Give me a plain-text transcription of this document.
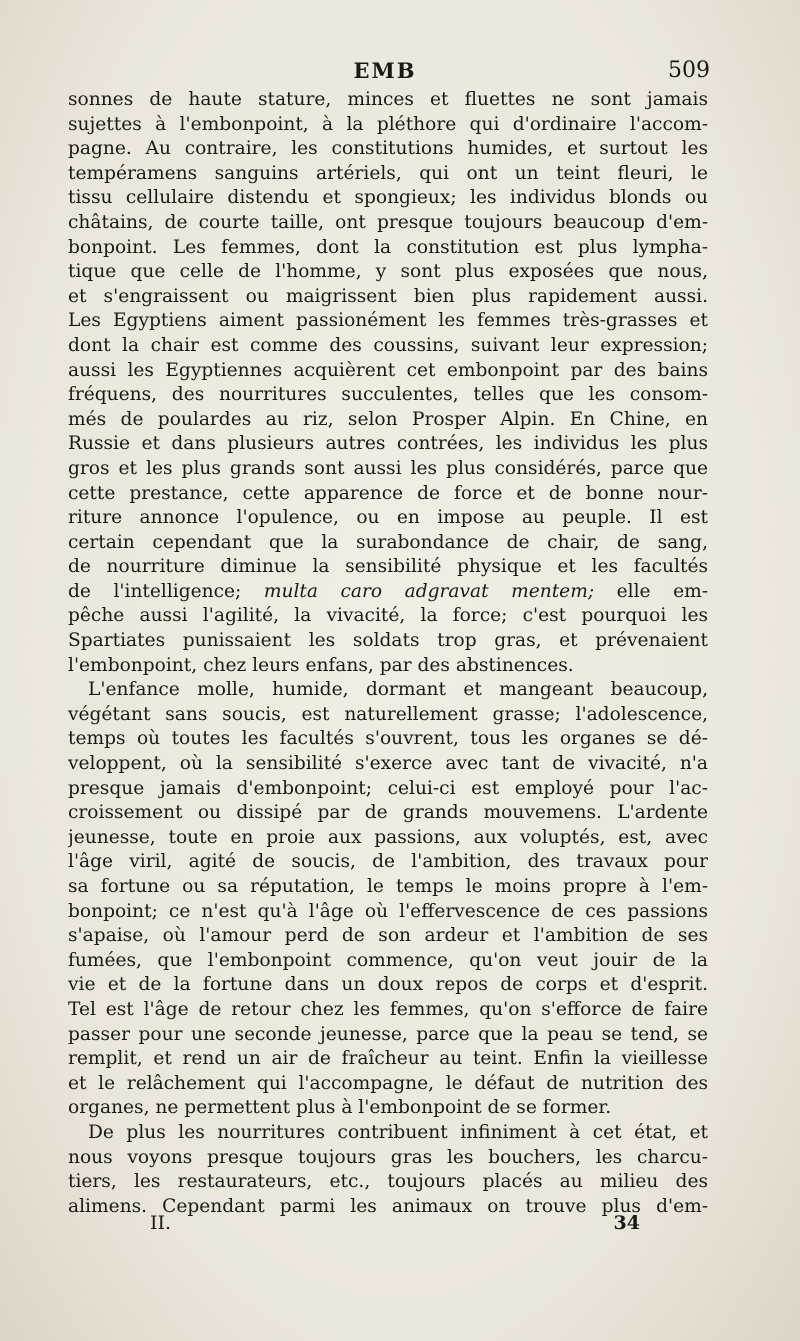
EMB	509
sonnes de haute stature, minces et fluettes ne sont jamais
sujettes à l'embonpoint, à la pléthore qui d'ordinaire l'accom-
pagne. Au contraire, les constitutions humides, et surtout les
tempéramens sanguins artériels, qui ont un teint fleuri, le
tissu cellulaire distendu et spongieux; les individus blonds ou
châtains, de courte taille, ont presque toujours beaucoup d'em-
bonpoint. Les femmes, dont la constitution est plus lympha-
tique que celle de l'homme, y sont plus exposées que nous,
et s'engraissent ou maigrissent bien plus rapidement aussi.
Les Egyptiens aiment passionément les femmes très-grasses et
dont la chair est comme des coussins, suivant leur expression;
aussi les Egyptiennes acquièrent cet embonpoint par des bains
fréquens, des nourritures succulentes, telles que les consom-
més de poulardes au riz, selon Prosper Alpin. En Chine, en
Russie et dans plusieurs autres contrées, les individus les plus
gros et les plus grands sont aussi les plus considérés, parce que
cette prestance, cette apparence de force et de bonne nour-
riture annonce l'opulence, ou en impose au peuple. Il est
certain cependant que la surabondance de chair, de sang,
de nourriture diminue la sensibilité physique et les facultés
de l'intelligence; multa caro adgravat mentem; elle em-
pêche aussi l'agilité, la vivacité, la force; c'est pourquoi les
Spartiates punissaient les soldats trop gras, et prévenaient
l'embonpoint, chez leurs enfans, par des abstinences.
L'enfance molle, humide, dormant et mangeant beaucoup,
végétant sans soucis, est naturellement grasse; l'adolescence,
temps où toutes les facultés s'ouvrent, tous les organes se dé-
veloppent, où la sensibilité s'exerce avec tant de vivacité, n'a
presque jamais d'embonpoint; celui-ci est employé pour l'ac-
croissement ou dissipé par de grands mouvemens. L'ardente
jeunesse, toute en proie aux passions, aux voluptés, est, avec
l'âge viril, agité de soucis, de l'ambition, des travaux pour
sa fortune ou sa réputation, le temps le moins propre à l'em-
bonpoint; ce n'est qu'à l'âge où l'effervescence de ces passions
s'apaise, où l'amour perd de son ardeur et l'ambition de ses
fumées, que l'embonpoint commence, qu'on veut jouir de la
vie et de la fortune dans un doux repos de corps et d'esprit.
Tel est l'âge de retour chez les femmes, qu'on s'efforce de faire
passer pour une seconde jeunesse, parce que la peau se tend, se
remplit, et rend un air de fraîcheur au teint. Enfin la vieillesse
et le relâchement qui l'accompagne, le défaut de nutrition des
organes, ne permettent plus à l'embonpoint de se former.
De plus les nourritures contribuent infiniment à cet état, et
nous voyons presque toujours gras les bouchers, les charcu-
tiers, les restaurateurs, etc., toujours placés au milieu des
alimens. Cependant parmi les animaux on trouve plus d'em-
II.	34
